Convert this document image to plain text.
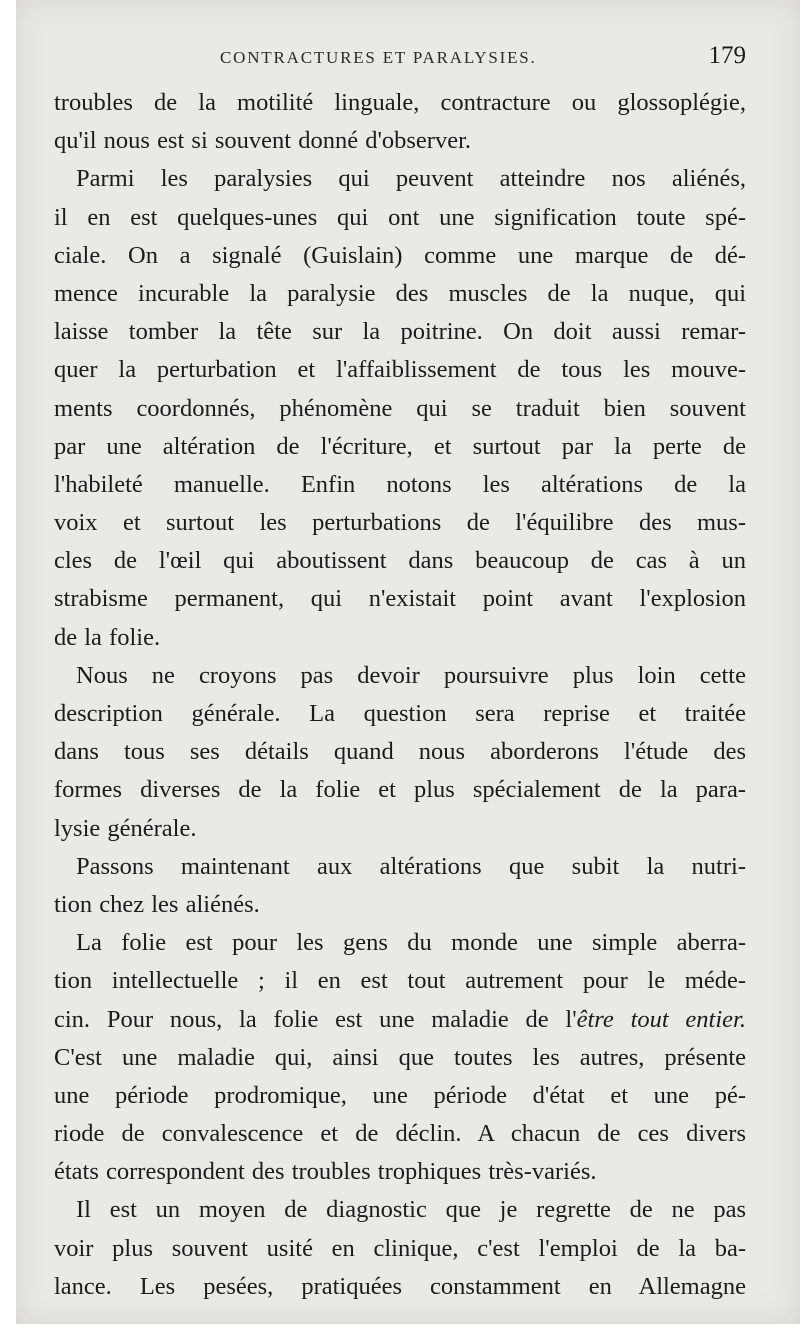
CONTRACTURES ET PARALYSIES.	179
troubles de la motilité linguale, contracture ou glossoplégie,
qu'il nous est si souvent donné d'observer.
Parmi les paralysies qui peuvent atteindre nos aliénés,
il en est quelques-unes qui ont une signification toute spé-
ciale. On a signalé (Guislain) comme une marque de dé-
mence incurable la paralysie des muscles de la nuque, qui
laisse tomber la tête sur la poitrine. On doit aussi remar-
quer la perturbation et l'affaiblissement de tous les mouve-
ments coordonnés, phénomène qui se traduit bien souvent
par une altération de l'écriture, et surtout par la perte de
l'habileté manuelle. Enfin notons les altérations de la
voix et surtout les perturbations de l'équilibre des mus-
cles de l'œil qui aboutissent dans beaucoup de cas à un
strabisme permanent, qui n'existait point avant l'explosion
de la folie.
Nous ne croyons pas devoir poursuivre plus loin cette
description générale. La question sera reprise et traitée
dans tous ses détails quand nous aborderons l'étude des
formes diverses de la folie et plus spécialement de la para-
lysie générale.
Passons maintenant aux altérations que subit la nutri-
tion chez les aliénés.
La folie est pour les gens du monde une simple aberra-
tion intellectuelle ; il en est tout autrement pour le méde-
cin. Pour nous, la folie est une maladie de l'être tout entier.
C'est une maladie qui, ainsi que toutes les autres, présente
une période prodromique, une période d'état et une pé-
riode de convalescence et de déclin. A chacun de ces divers
états correspondent des troubles trophiques très-variés.
Il est un moyen de diagnostic que je regrette de ne pas
voir plus souvent usité en clinique, c'est l'emploi de la ba-
lance. Les pesées, pratiquées constamment en Allemagne
